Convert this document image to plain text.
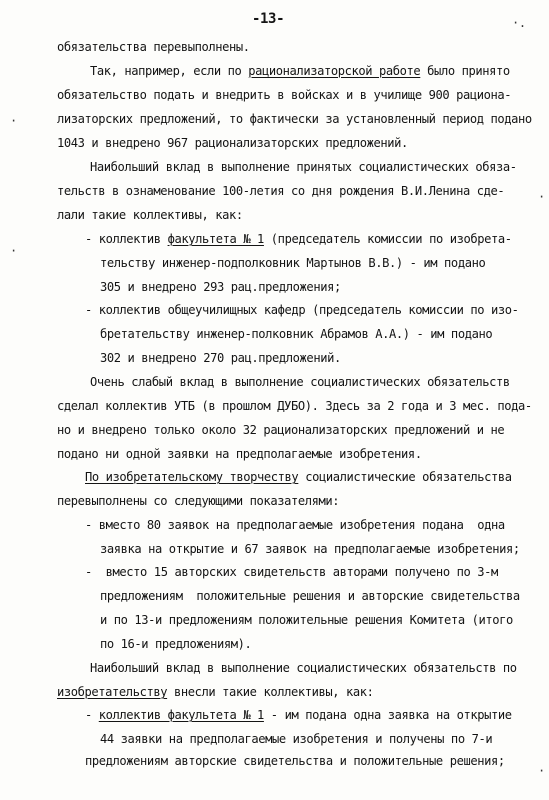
-13-	·.
·
·
·
·
обязательства перевыполнены.
Так, например, если по рационализаторской работе было принято
обязательство подать и внедрить в войсках и в училище 900 рациона-
лизаторских предложений, то фактически за установленный период подано
1043 и внедрено 967 рационализаторских предложений.
Наибольший вклад в выполнение принятых социалистических обяза-
тельств в ознаменование 100-летия со дня рождения В.И.Ленина сде-
лали такие коллективы, как:
- коллектив факультета № 1 (председатель комиссии по изобрета-
тельству инженер-подполковник Мартынов В.В.) - им подано
305 и внедрено 293 рац.предложения;
- коллектив общеучилищных кафедр (председатель комиссии по изо-
бретательству инженер-полковник Абрамов А.А.) - им подано
302 и внедрено 270 рац.предложений.
Очень слабый вклад в выполнение социалистических обязательств
сделал коллектив УТБ (в прошлом ДУБО). Здесь за 2 года и 3 мес. пода-
но и внедрено только около 32 рационализаторских предложений и не
подано ни одной заявки на предполагаемые изобретения.
По изобретательскому творчеству социалистические обязательства
перевыполнены со следующими показателями:
- вместо 80 заявок на предполагаемые изобретения подана  одна
заявка на открытие и 67 заявок на предполагаемые изобретения;
-  вместо 15 авторских свидетельств авторами получено по 3-м
предложениям  положительные решения и авторские свидетельства
и по 13-и предложениям положительные решения Комитета (итого
по 16-и предложениям).
Наибольший вклад в выполнение социалистических обязательств по
изобретательству внесли такие коллективы, как:
- коллектив факультета № 1 - им подана одна заявка на открытие
44 заявки на предполагаемые изобретения и получены по 7-и
предложениям авторские свидетельства и положительные решения;
